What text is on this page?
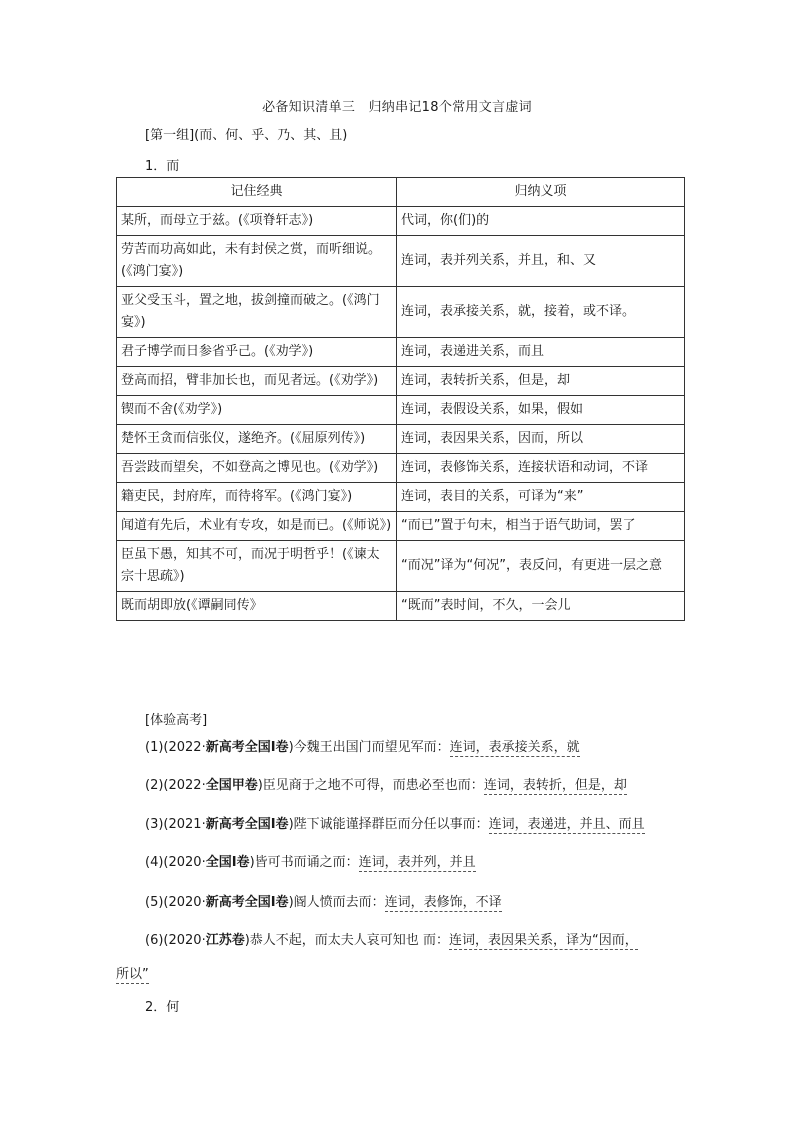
必备知识清单三　归纳串记18个常用文言虚词
[第一组](而、何、乎、乃、其、且)
1．而
记住经典	归纳义项
某所，而母立于兹。(《项脊轩志》)	代词，你(们)的
劳苦而功高如此，未有封侯之赏，而听细说。(《鸿门宴》)	连词，表并列关系，并且，和、又
亚父受玉斗，置之地，拔剑撞而破之。(《鸿门宴》)	连词，表承接关系，就，接着，或不译。
君子博学而日参省乎己。(《劝学》)	连词，表递进关系，而且
登高而招，臂非加长也，而见者远。(《劝学》)	连词，表转折关系，但是，却
锲而不舍(《劝学》)	连词，表假设关系，如果，假如
楚怀王贪而信张仪，遂绝齐。(《屈原列传》)	连词，表因果关系，因而，所以
吾尝跂而望矣，不如登高之博见也。(《劝学》)	连词，表修饰关系，连接状语和动词，不译
籍吏民，封府库，而待将军。(《鸿门宴》)	连词，表目的关系，可译为“来”
闻道有先后，术业有专攻，如是而已。(《师说》)	“而已”置于句末，相当于语气助词，罢了
臣虽下愚，知其不可，而况于明哲乎！(《谏太宗十思疏》)	“而况”译为“何况”，表反问，有更进一层之意
既而胡即放(《谭嗣同传》	“既而”表时间，不久，一会儿
[体验高考]
(1)(2022·新高考全国Ⅰ卷)今魏王出国门而望见军而：连词，表承接关系，就
(2)(2022·全国甲卷)臣见商于之地不可得，而患必至也而：连词，表转折，但是，却
(3)(2021·新高考全国Ⅰ卷)陛下诚能谨择群臣而分任以事而：连词，表递进，并且、而且
(4)(2020·全国Ⅰ卷)皆可书而诵之而：连词，表并列，并且
(5)(2020·新高考全国Ⅰ卷)阍人愤而去而：连词，表修饰，不译
(6)(2020·江苏卷)恭人不起，而太夫人哀可知也 而：连词，表因果关系，译为“因而，
所以”
2．何
